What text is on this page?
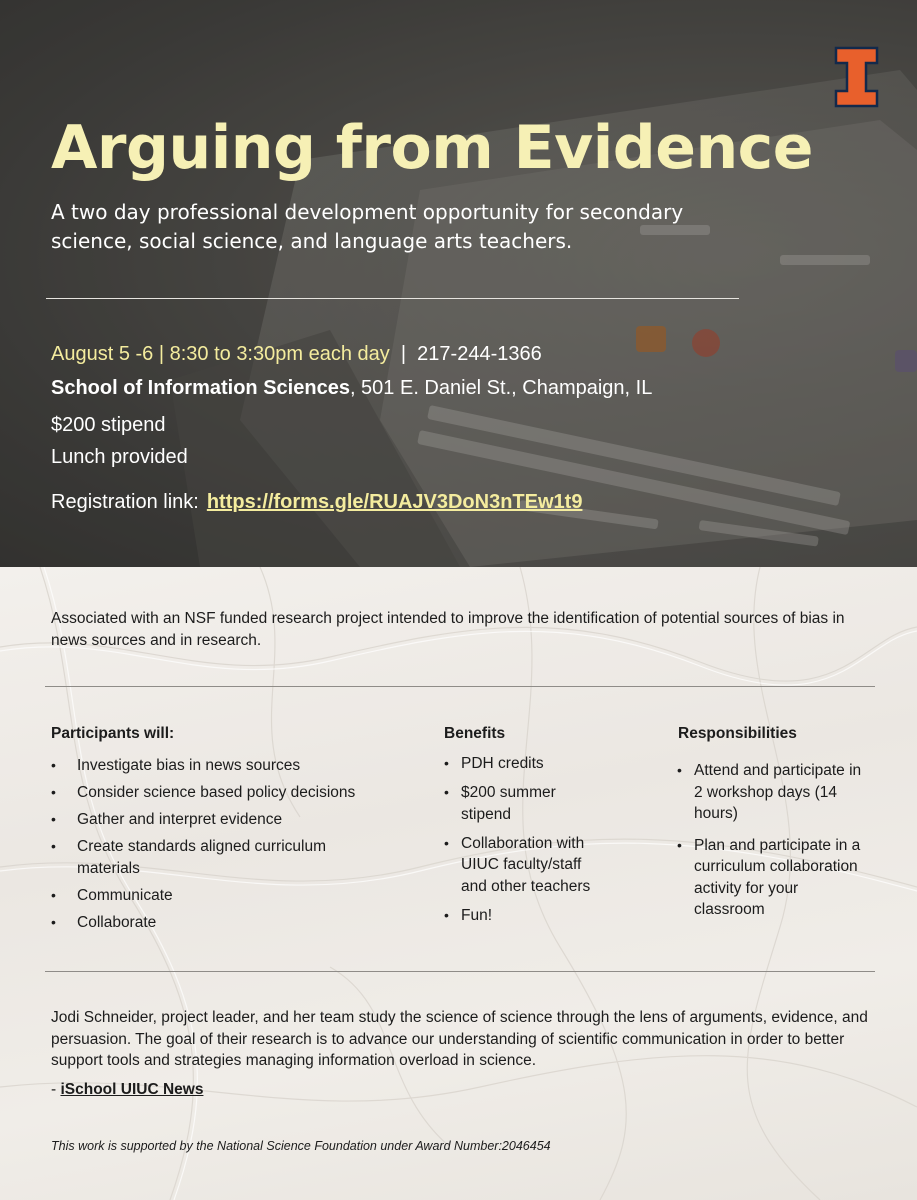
Arguing from Evidence

A two day professional development opportunity for secondary science, social science, and language arts teachers.

August 5 -6 | 8:30 to 3:30pm each day  |  217-244-1366
School of Information Sciences, 501 E. Daniel St., Champaign, IL
$200 stipend
Lunch provided
Registration link: https://forms.gle/RUAJV3DoN3nTEw1t9

Associated with an NSF funded research project intended to improve the identification of potential sources of bias in news sources and in research.

Participants will:
• Investigate bias in news sources
• Consider science based policy decisions
• Gather and interpret evidence
• Create standards aligned curriculum materials
• Communicate
• Collaborate
Benefits
• PDH credits
• $200 summer stipend
• Collaboration with UIUC faculty/staff and other teachers
• Fun!
Responsibilities
• Attend and participate in 2 workshop days (14 hours)
• Plan and participate in a curriculum collaboration activity for your classroom

Jodi Schneider, project leader, and her team study the science of science through the lens of arguments, evidence, and persuasion. The goal of their research is to advance our understanding of scientific communication in order to better support tools and strategies managing information overload in science.

- iSchool UIUC News
This work is supported by the National Science Foundation under Award Number:2046454
